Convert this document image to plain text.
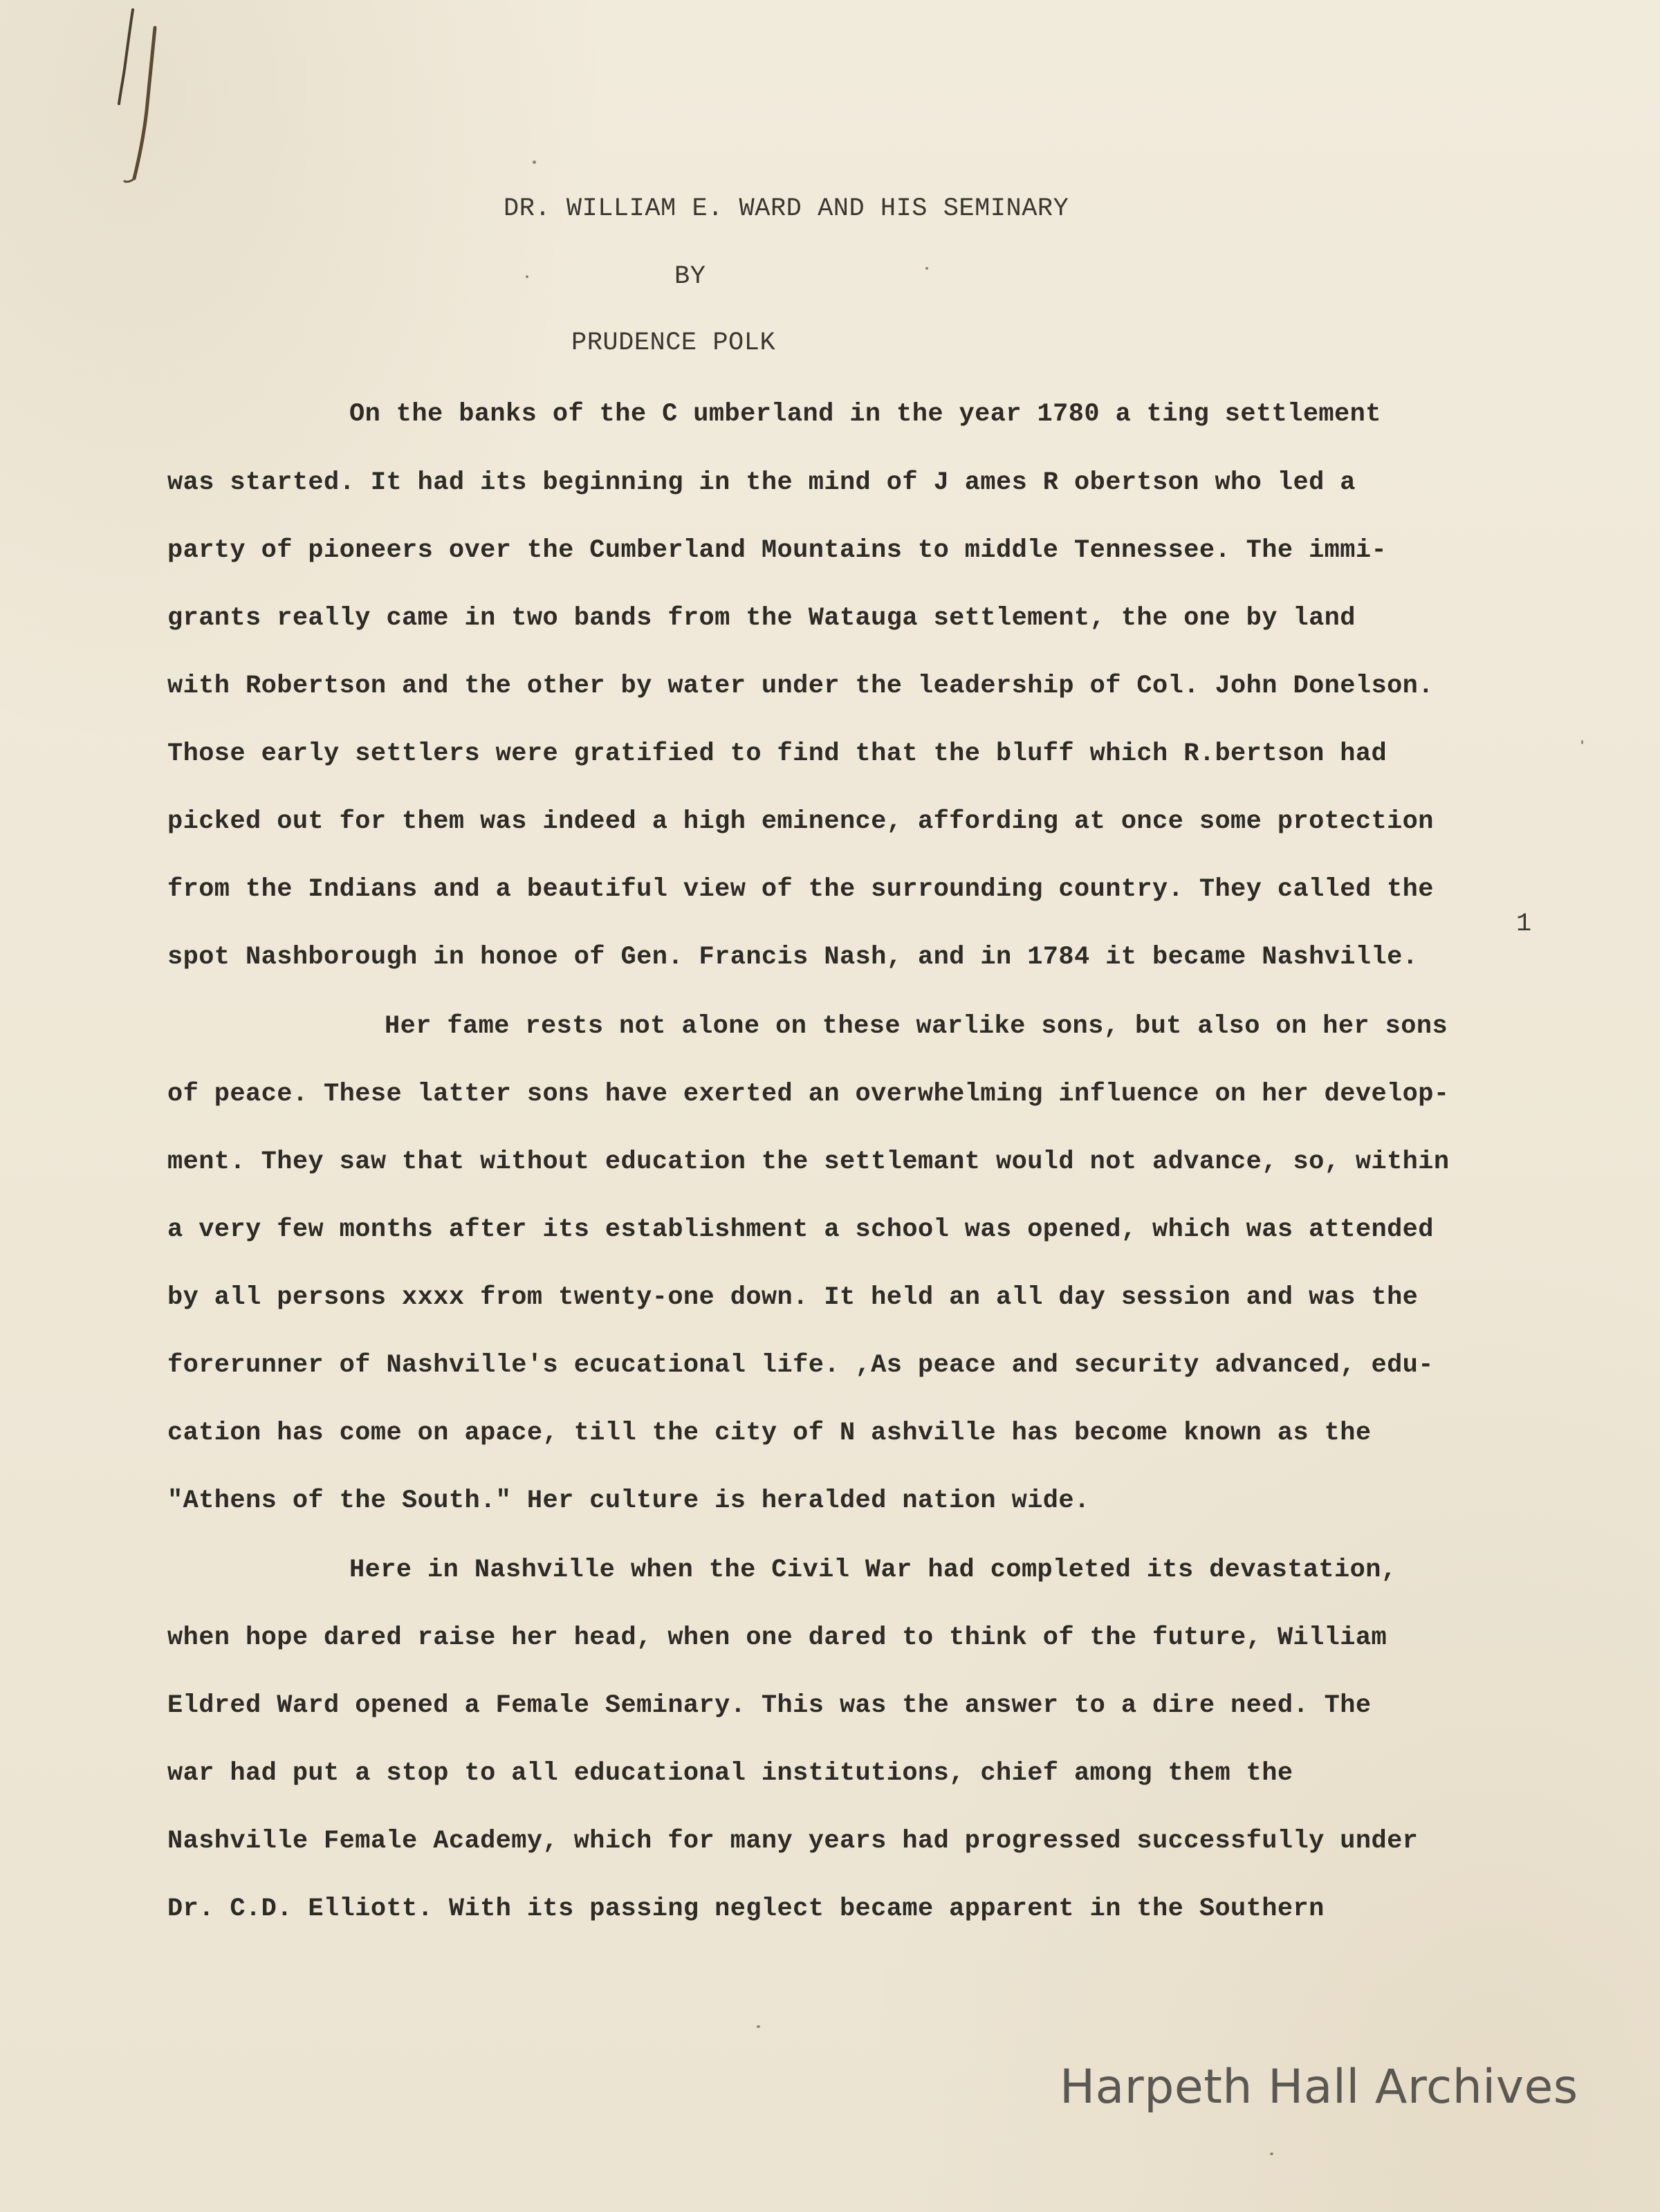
DR. WILLIAM E. WARD AND HIS SEMINARY
BY
PRUDENCE POLK
On the banks of the C umberland in the year 1780 a ting settlement
was started. It had its beginning in the mind of J ames R obertson who led a
party of pioneers over the Cumberland Mountains to middle Tennessee. The immi-
grants really came in two bands from the Watauga settlement, the one by land
with Robertson and the other by water under the leadership of Col. John Donelson.
Those early settlers were gratified to find that the bluff which R.bertson had
picked out for them was indeed a high eminence, affording at once some protection
from the Indians and a beautiful view of the surrounding country. They called the
spot Nashborough in honoe of Gen. Francis Nash, and in 1784 it became Nashville.
Her fame rests not alone on these warlike sons, but also on her sons
of peace. These latter sons have exerted an overwhelming influence on her develop-
ment. They saw that without education the settlemant would not advance, so, within
a very few months after its establishment a school was opened, which was attended
by all persons xxxx from twenty-one down. It held an all day session and was the
forerunner of Nashville's ecucational life. ,As peace and security advanced, edu-
cation has come on apace, till the city of N ashville has become known as the
"Athens of the South." Her culture is heralded nation wide.
Here in Nashville when the Civil War had completed its devastation,
when hope dared raise her head, when one dared to think of the future, William
Eldred Ward opened a Female Seminary. This was the answer to a dire need. The
war had put a stop to all educational institutions, chief among them the
Nashville Female Academy, which for many years had progressed successfully under
Dr. C.D. Elliott. With its passing neglect became apparent in the Southern
1
Harpeth Hall Archives
